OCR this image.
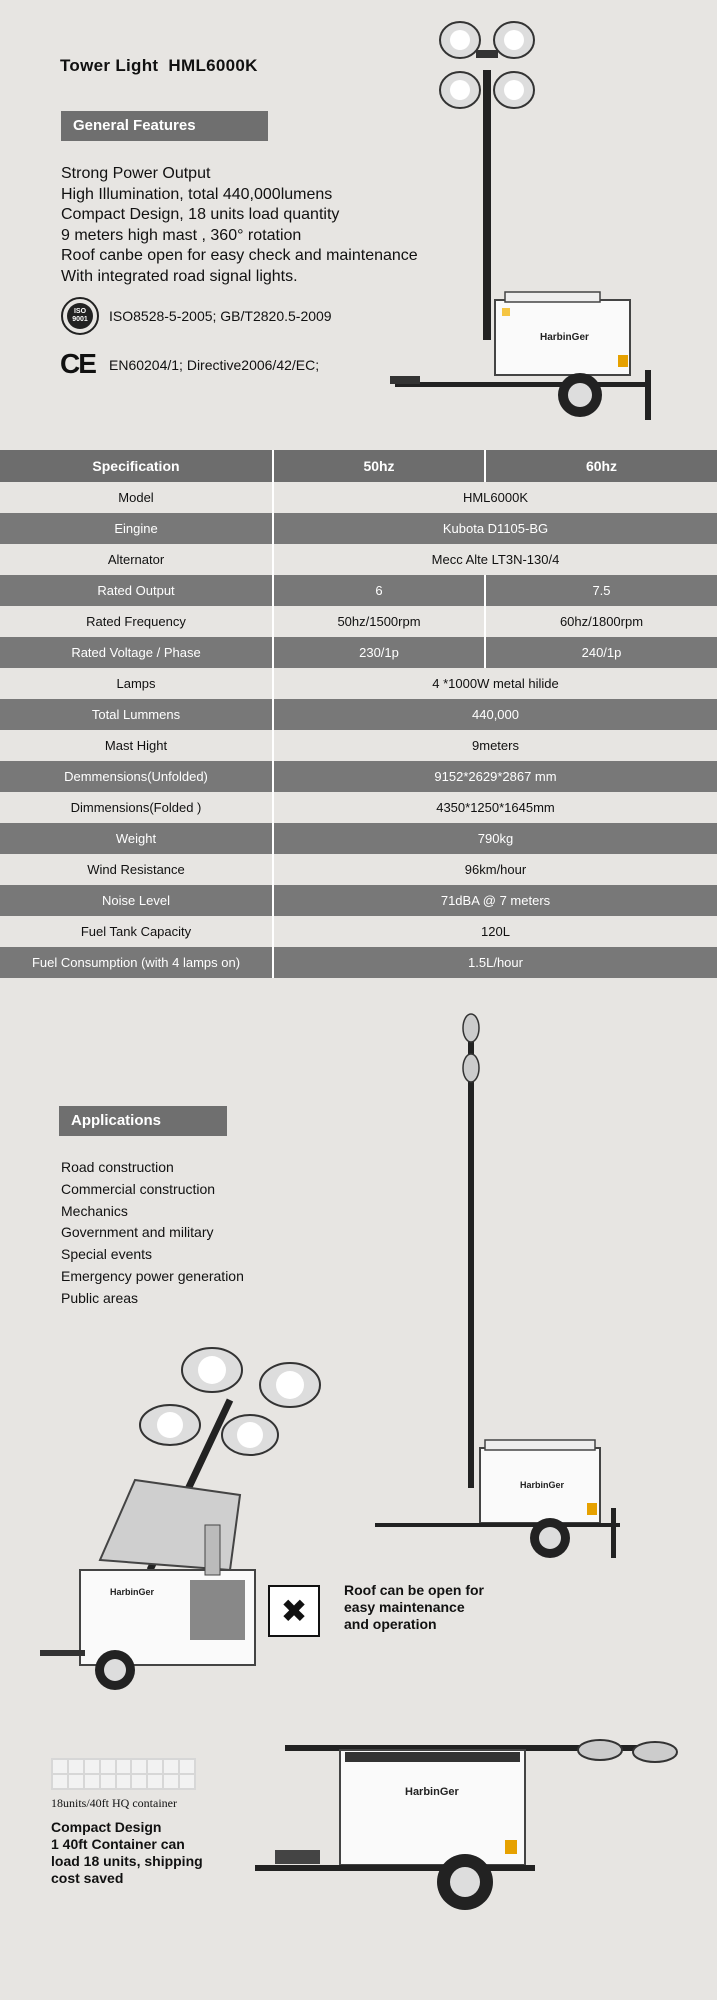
Tower Light  HML6000K
General Features
Strong Power Output
High Illumination, total 440,000lumens
Compact Design, 18 units load quantity
9 meters high mast , 360° rotation
Roof canbe open for easy check and maintenance
With integrated road signal lights.
ISO 9001	ISO8528-5-2005; GB/T2820.5-2009
CE EN60204/1; Directive2006/42/EC;
HarbinGer
Specification	50hz	60hz
Model	HML6000K
Eingine	Kubota D1105-BG
Alternator	Mecc Alte LT3N-130/4
Rated Output	6	7.5
Rated Frequency	50hz/1500rpm	60hz/1800rpm
Rated Voltage / Phase	230/1p	240/1p
Lamps	4 *1000W metal hilide
Total Lummens	440,000
Mast Hight	9meters
Demmensions(Unfolded)	9152*2629*2867 mm
Dimmensions(Folded )	4350*1250*1645mm
Weight	790kg
Wind Resistance	96km/hour
Noise Level	71dBA @ 7 meters
Fuel Tank Capacity	120L
Fuel Consumption (with 4 lamps on)	1.5L/hour
Applications
Road construction
Commercial construction
Mechanics
Government and military
Special events
Emergency power generation
Public areas
HarbinGer
HarbinGer
✖
Roof can be open for
easy maintenance
and operation
18units/40ft HQ container
Compact Design
1 40ft Container can
load 18 units, shipping
cost saved
HarbinGer
